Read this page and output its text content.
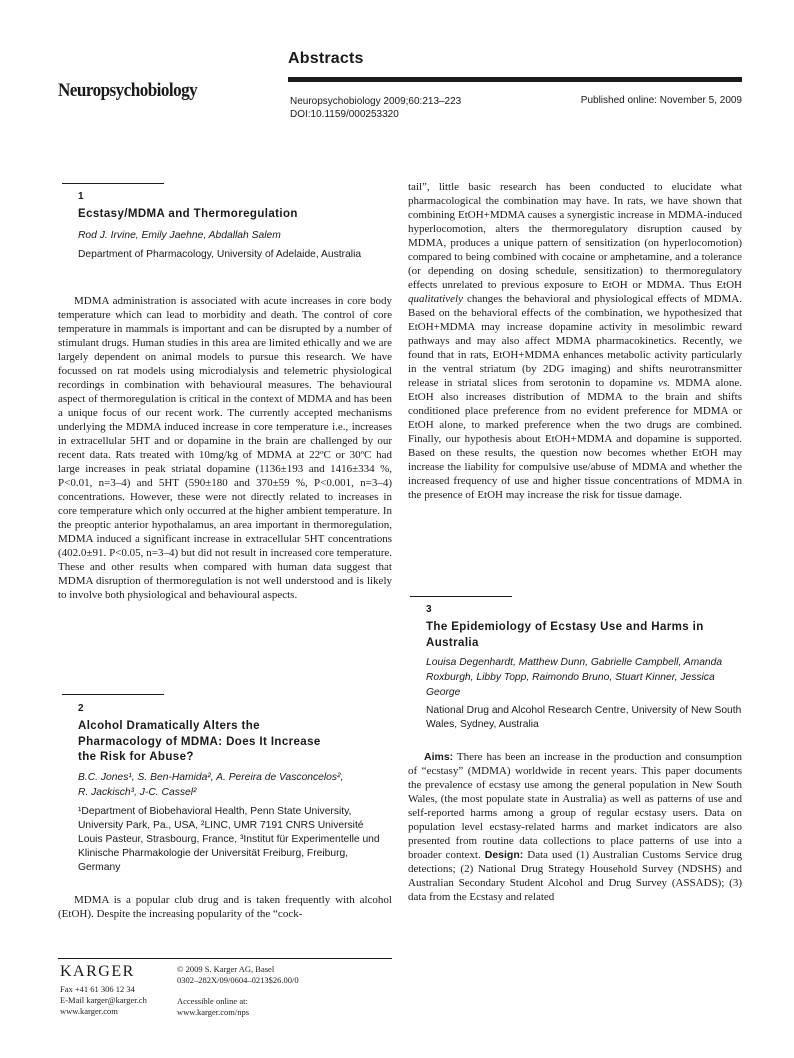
Abstracts
Neuropsychobiology
Neuropsychobiology 2009;60:213–223
DOI:10.1159/000253320
Published online: November 5, 2009
1
Ecstasy/MDMA and Thermoregulation
Rod J. Irvine, Emily Jaehne, Abdallah Salem
Department of Pharmacology, University of Adelaide, Australia

MDMA administration is associated with acute increases in core body temperature which can lead to morbidity and death. The control of core temperature in mammals is important and can be disrupted by a number of stimulant drugs. Human studies in this area are limited ethically and we are largely dependent on animal models to pursue this research. We have focussed on rat models using microdialysis and telemetric physiological recordings in combination with behavioural measures. The behavioural aspect of thermoregulation is critical in the context of MDMA and has been a unique focus of our recent work. The currently accepted mechanisms underlying the MDMA induced increase in core temperature i.e., increases in extracellular 5HT and or dopamine in the brain are challenged by our recent data. Rats treated with 10mg/kg of MDMA at 22ºC or 30ºC had large increases in peak striatal dopamine (1136±193 and 1416±334 %, P<0.01, n=3–4) and 5HT (590±180 and 370±59 %, P<0.001, n=3–4) concentrations. However, these were not directly related to increases in core temperature which only occurred at the higher ambient temperature. In the preoptic anterior hypothalamus, an area important in thermoregulation, MDMA induced a significant increase in extracellular 5HT concentrations (402.0±91. P<0.05, n=3–4) but did not result in increased core temperature. These and other results when compared with human data suggest that MDMA disruption of thermoregulation is not well understood and is likely to involve both physiological and behavioural aspects.

2
Alcohol Dramatically Alters the Pharmacology of MDMA: Does It Increase the Risk for Abuse?
B.C. Jones¹, S. Ben-Hamida², A. Pereira de Vasconcelos²,
R. Jackisch³, J-C. Cassel²
¹Department of Biobehavioral Health, Penn State University, University Park, Pa., USA, ²LINC, UMR 7191 CNRS Université Louis Pasteur, Strasbourg, France, ³Institut für Experimentelle und Klinische Pharmakologie der Universität Freiburg, Freiburg, Germany

MDMA is a popular club drug and is taken frequently with alcohol (EtOH). Despite the increasing popularity of the “cock-

tail”, little basic research has been conducted to elucidate what pharmacological the combination may have. In rats, we have shown that combining EtOH+MDMA causes a synergistic increase in MDMA-induced hyperlocomotion, alters the thermoregulatory disruption caused by MDMA, produces a unique pattern of sensitization (on hyperlocomotion) compared to being combined with cocaine or amphetamine, and a tolerance (or depending on dosing schedule, sensitization) to thermoregulatory effects unrelated to previous exposure to EtOH or MDMA. Thus EtOH qualitatively changes the behavioral and physiological effects of MDMA. Based on the behavioral effects of the combination, we hypothesized that EtOH+MDMA may increase dopamine activity in mesolimbic reward pathways and may also affect MDMA pharmacokinetics. Recently, we found that in rats, EtOH+MDMA enhances metabolic activity particularly in the ventral striatum (by 2DG imaging) and shifts neurotransmitter release in striatal slices from serotonin to dopamine vs. MDMA alone. EtOH also increases distribution of MDMA to the brain and shifts conditioned place preference from no evident preference for MDMA or EtOH alone, to marked preference when the two drugs are combined. Finally, our hypothesis about EtOH+MDMA and dopamine is supported. Based on these results, the question now becomes whether EtOH may increase the liability for compulsive use/abuse of MDMA and whether the increased frequency of use and higher tissue concentrations of MDMA in the presence of EtOH may increase the risk for tissue damage.

3
The Epidemiology of Ecstasy Use and Harms in Australia
Louisa Degenhardt, Matthew Dunn, Gabrielle Campbell, Amanda Roxburgh, Libby Topp, Raimondo Bruno, Stuart Kinner, Jessica George
National Drug and Alcohol Research Centre, University of New South Wales, Sydney, Australia

Aims: There has been an increase in the production and consumption of “ecstasy” (MDMA) worldwide in recent years. This paper documents the prevalence of ecstasy use among the general population in New South Wales, (the most populate state in Australia) as well as patterns of use and self-reported harms among a group of regular ecstasy users. Data on population level ecstasy-related harms and market indicators are also presented from routine data collections to place patterns of use into a broader context. Design: Data used (1) Australian Customs Service drug detections; (2) National Drug Strategy Household Survey (NDSHS) and Australian Secondary Student Alcohol and Drug Survey (ASSADS); (3) data from the Ecstasy and related

KARGER
Fax +41 61 306 12 34
E-Mail karger@karger.ch
www.karger.com
© 2009 S. Karger AG, Basel
0302–282X/09/0604–0213$26.00/0
Accessible online at:
www.karger.com/nps
